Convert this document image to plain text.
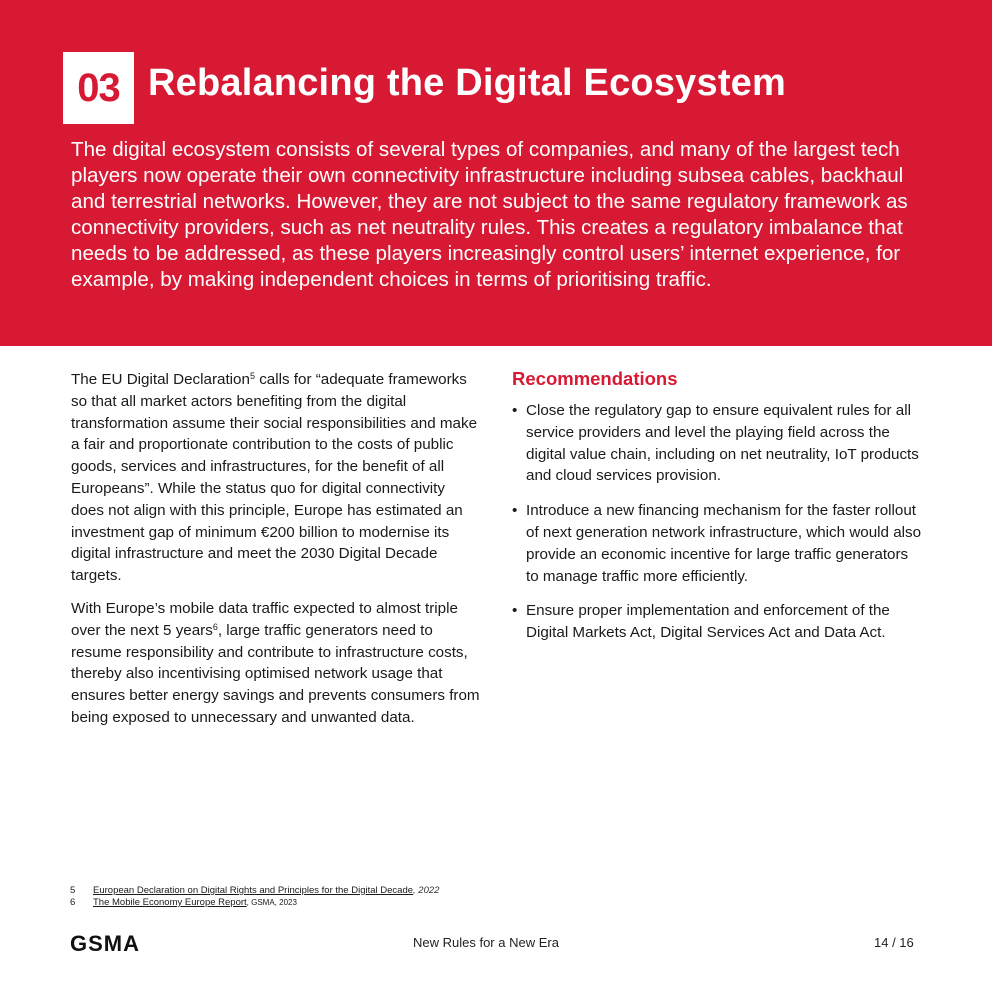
03 Rebalancing the Digital Ecosystem

The digital ecosystem consists of several types of companies, and many of the largest tech players now operate their own connectivity infrastructure including subsea cables, backhaul and terrestrial networks. However, they are not subject to the same regulatory framework as connectivity providers, such as net neutrality rules. This creates a regulatory imbalance that needs to be addressed, as these players increasingly control users’ internet experience, for example, by making independent choices in terms of prioritising traffic.

The EU Digital Declaration$^5$ calls for “adequate frameworks so that all market actors benefiting from the digital transformation assume their social responsibilities and make a fair and proportionate contribution to the costs of public goods, services and infrastructures, for the benefit of all Europeans”. While the status quo for digital connectivity does not align with this principle, Europe has estimated an investment gap of minimum €200 billion to modernise its digital infrastructure and meet the 2030 Digital Decade targets.

With Europe’s mobile data traffic expected to almost triple over the next 5 years$^6$, large traffic generators need to resume responsibility and contribute to infrastructure costs, thereby also incentivising optimised network usage that ensures better energy savings and prevents consumers from being exposed to unnecessary and unwanted data.

Recommendations
• Close the regulatory gap to ensure equivalent rules for all service providers and level the playing field across the digital value chain, including on net neutrality, IoT products and cloud services provision.
• Introduce a new financing mechanism for the faster rollout of next generation network infrastructure, which would also provide an economic incentive for large traffic generators to manage traffic more efficiently.
• Ensure proper implementation and enforcement of the Digital Markets Act, Digital Services Act and Data Act.
5 European Declaration on Digital Rights and Principles for the Digital Decade, 2022
6 The Mobile Economy Europe Report, GSMA, 2023
GSMA	New Rules for a New Era	14 / 16
